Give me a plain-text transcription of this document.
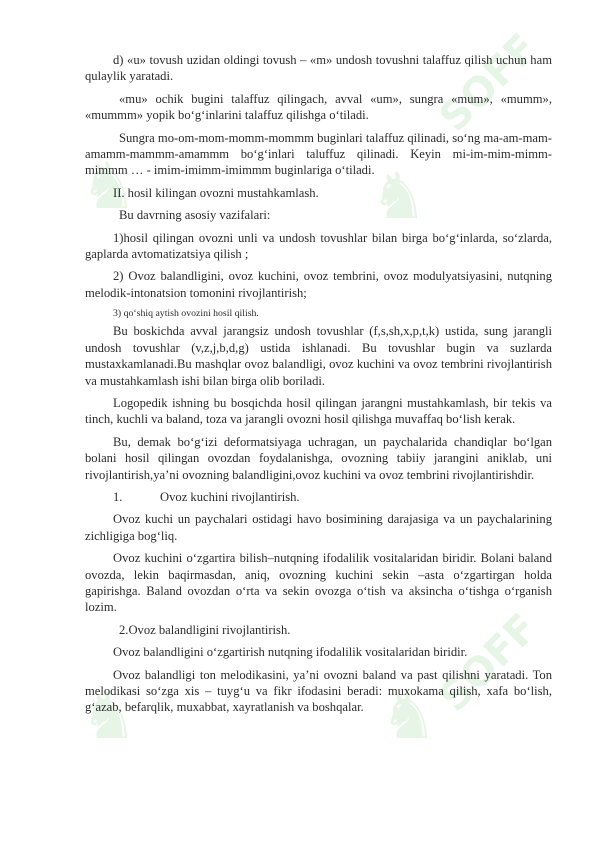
♞	♞
♞	♞
SOFF
SOFF

d) «u» tovush uzidan oldingi tovush – «m» undosh tovushni talaffuz qilish uchun ham qulaylik yaratadi.

«mu» ochik bugini talaffuz qilingach, avval «um», sungra «mum», «mumm», «mummm» yopik bo‘g‘inlarini talaffuz qilishga o‘tiladi.

Sungra mo-om-mom-momm-mommm buginlari talaffuz qilinadi, so‘ng ma-am-mam-amamm-mammm-amammm bo‘g‘inlari taluffuz qilinadi. Keyin mi-im-mim-mimm-mimmm … - imim-imimm-imimmm buginlariga o‘tiladi.

II. hosil kilingan ovozni mustahkamlash.

Bu davrning asosiy vazifalari:

1)hosil qilingan ovozni unli va undosh tovushlar bilan birga bo‘g‘inlarda, so‘zlarda, gaplarda avtomatizatsiya qilish ;

2) Ovoz balandligini, ovoz kuchini, ovoz tembrini, ovoz modulyatsiyasini, nutqning melodik-intonatsion tomonini rivojlantirish;

3) qo‘shiq aytish ovozini hosil qilish.

Bu boskichda avval jarangsiz undosh tovushlar (f,s,sh,x,p,t,k) ustida, sung jarangli undosh tovushlar (v,z,j,b,d,g) ustida ishlanadi. Bu tovushlar bugin va suzlarda mustaxkamlanadi.Bu mashqlar ovoz balandligi, ovoz kuchini va ovoz tembrini rivojlantirish va mustahkamlash ishi bilan birga olib boriladi.

Logopedik ishning bu bosqichda hosil qilingan jarangni mustahkamlash, bir tekis va tinch, kuchli va baland, toza va jarangli ovozni hosil qilishga muvaffaq bo‘lish kerak.

Bu, demak bo‘g‘izi deformatsiyaga uchragan, un paychalarida chandiqlar bo‘lgan bolani hosil qilingan ovozdan foydalanishga, ovozning tabiiy jarangini aniklab, uni rivojlantirish,ya’ni ovozning balandligini,ovoz kuchini va ovoz tembrini rivojlantirishdir.

1.	Ovoz kuchini rivojlantirish.

Ovoz kuchi un paychalari ostidagi havo bosimining darajasiga va un paychalarining zichligiga bog‘liq.

Ovoz kuchini o‘zgartira bilish–nutqning ifodalilik vositalaridan biridir. Bolani baland ovozda, lekin baqirmasdan, aniq, ovozning kuchini sekin –asta o‘zgartirgan holda gapirishga. Baland ovozdan o‘rta va sekin ovozga o‘tish va aksincha o‘tishga o‘rganish lozim.

2.Ovoz balandligini rivojlantirish.

Ovoz balandligini o‘zgartirish nutqning ifodalilik vositalaridan biridir.

Ovoz balandligi ton melodikasini, ya’ni ovozni baland va past qilishni yaratadi. Ton melodikasi so‘zga xis – tuyg‘u va fikr ifodasini beradi: muxokama qilish, xafa bo‘lish, g‘azab, befarqlik, muxabbat, xayratlanish va boshqalar.
